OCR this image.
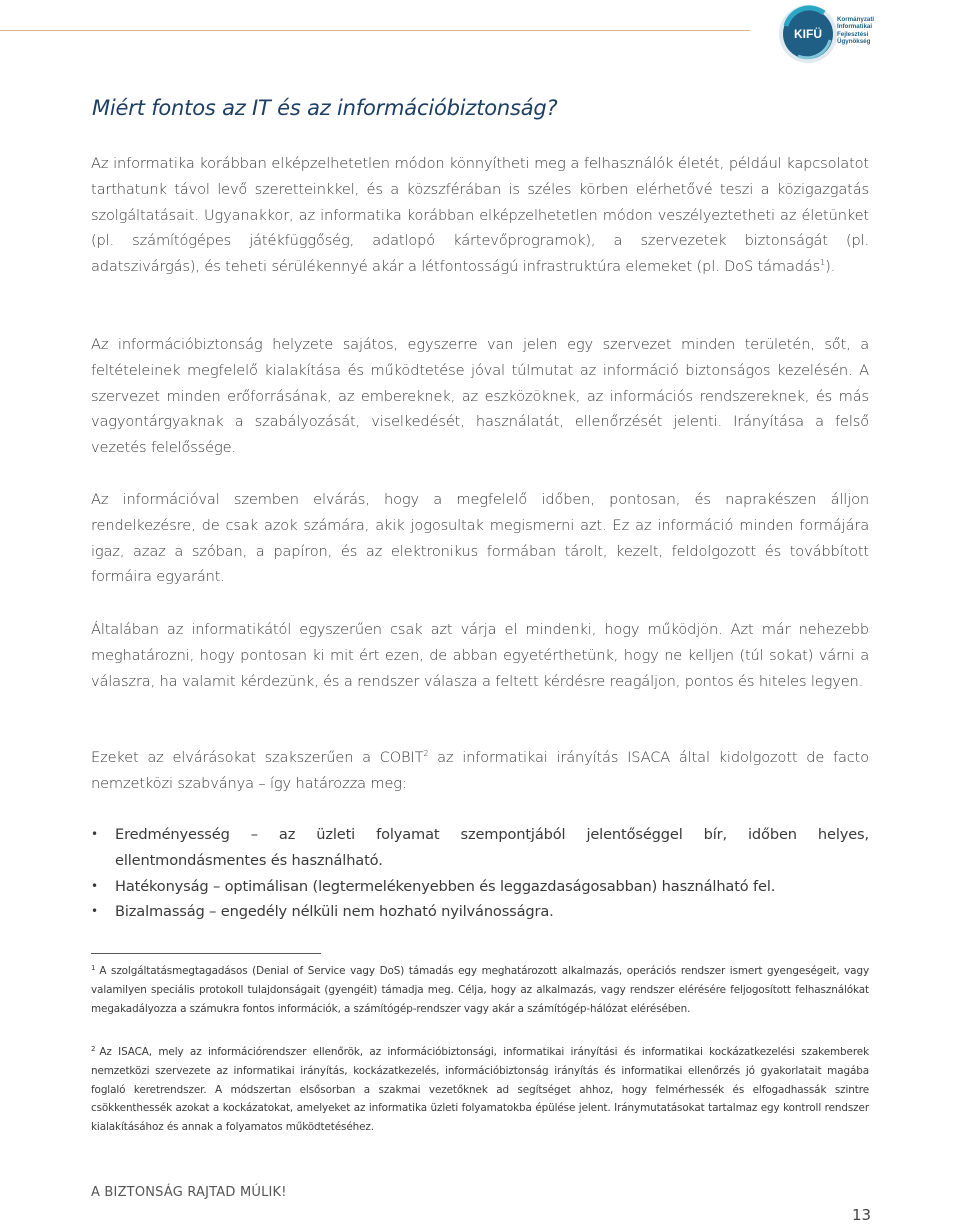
KIFÜ
Kormányzati
Informatikai
Fejlesztési
Ügynökség
Miért fontos az IT és az információbiztonság?

Az informatika korábban elképzelhetetlen módon könnyítheti meg a felhasználók életét, például kapcsolatot tarthatunk távol levő szeretteinkkel, és a közszférában is széles körben elérhetővé teszi a közigazgatás szolgáltatásait. Ugyanakkor, az informatika korábban elképzelhetetlen módon veszélyeztetheti az életünket (pl. számítógépes játékfüggőség, adatlopó kártevőprogramok), a szervezetek biztonságát (pl. adatszivárgás), és teheti sérülékennyé akár a létfontosságú infrastruktúra elemeket (pl. DoS támadás$^1$).

Az információbiztonság helyzete sajátos, egyszerre van jelen egy szervezet minden területén, sőt, a feltételeinek megfelelő kialakítása és működtetése jóval túlmutat az információ biztonságos kezelésén. A szervezet minden erőforrásának, az embereknek, az eszközöknek, az információs rendszereknek, és más vagyontárgyaknak a szabályozását, viselkedését, használatát, ellenőrzését jelenti. Irányítása a felső vezetés felelőssége.

Az információval szemben elvárás, hogy a megfelelő időben, pontosan, és naprakészen álljon rendelkezésre, de csak azok számára, akik jogosultak megismerni azt. Ez az információ minden formájára igaz, azaz a szóban, a papíron, és az elektronikus formában tárolt, kezelt, feldolgozott és továbbított formáira egyaránt.

Általában az informatikától egyszerűen csak azt várja el mindenki, hogy működjön. Azt már nehezebb meghatározni, hogy pontosan ki mit ért ezen, de abban egyetérthetünk, hogy ne kelljen (túl sokat) várni a válaszra, ha valamit kérdezünk, és a rendszer válasza a feltett kérdésre reagáljon, pontos és hiteles legyen.

Ezeket az elvárásokat szakszerűen a COBIT$^2$ az informatikai irányítás ISACA által kidolgozott de facto nemzetközi szabványa – így határozza meg:

• Eredményesség – az üzleti folyamat szempontjából jelentőséggel bír, időben helyes, ellentmondásmentes és használható.
• Hatékonyság – optimálisan (legtermelékenyebben és leggazdaságosabban) használható fel.
• Bizalmasság – engedély nélküli nem hozható nyilvánosságra.

$^1$ A szolgáltatásmegtagadásos (Denial of Service vagy DoS) támadás egy meghatározott alkalmazás, operációs rendszer ismert gyengeségeit, vagy valamilyen speciális protokoll tulajdonságait (gyengéit) támadja meg. Célja, hogy az alkalmazás, vagy rendszer elérésére feljogosított felhasználókat megakadályozza a számukra fontos információk, a számítógép-rendszer vagy akár a számítógép-hálózat elérésében.

$^2$ Az ISACA, mely az információrendszer ellenőrök, az információbiztonsági, informatikai irányítási és informatikai kockázatkezelési szakemberek nemzetközi szervezete az informatikai irányítás, kockázatkezelés, információbiztonság irányítás és informatikai ellenőrzés jó gyakorlatait magába foglaló keretrendszer. A módszertan elsősorban a szakmai vezetőknek ad segítséget ahhoz, hogy felmérhessék és elfogadhassák szintre csökkenthessék azokat a kockázatokat, amelyeket az informatika üzleti folyamatokba épülése jelent. Iránymutatásokat tartalmaz egy kontroll rendszer kialakításához és annak a folyamatos működtetéséhez.

A BIZTONSÁG RAJTAD MÚLIK!
13
